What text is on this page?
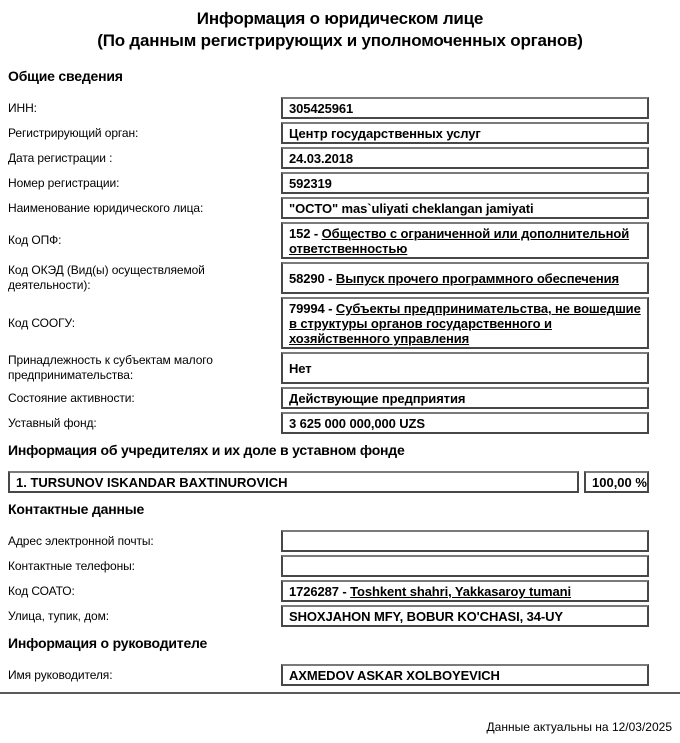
Информация о юридическом лице
(По данным регистрирующих и уполномоченных органов)
Общие сведения
ИНН:	305425961
Регистрирующий орган:	Центр государственных услуг
Дата регистрации :	24.03.2018
Номер регистрации:	592319
Наименование юридического лица:	"OCTO" mas`uliyati cheklangan jamiyati
Код ОПФ:	152 - Общество с ограниченной или дополнительной ответственностью
Код ОКЭД (Вид(ы) осуществляемой деятельности):	58290 - Выпуск прочего программного обеспечения
Код СООГУ:
79994 - Субъекты предпринимательства, не вошедшие в структуры органов государственного и хозяйственного управления
Принадлежность к субъектам малого предпринимательства:	Нет
Состояние активности:	Действующие предприятия
Уставный фонд:	3 625 000 000,000 UZS
Информация об учредителях и их доле в уставном фонде
1. TURSUNOV ISKANDAR BAXTINUROVICH	100,00 %
Контактные данные
Адрес электронной почты:
Контактные телефоны:
Код СОАТО:	1726287 - Toshkent shahri, Yakkasaroy tumani
Улица, тупик, дом:	SHOXJAHON MFY, BOBUR KO'CHASI, 34-UY
Информация о руководителе
Имя руководителя:	AXMEDOV ASKAR XOLBOYEVICH
Данные актуальны на 12/03/2025
